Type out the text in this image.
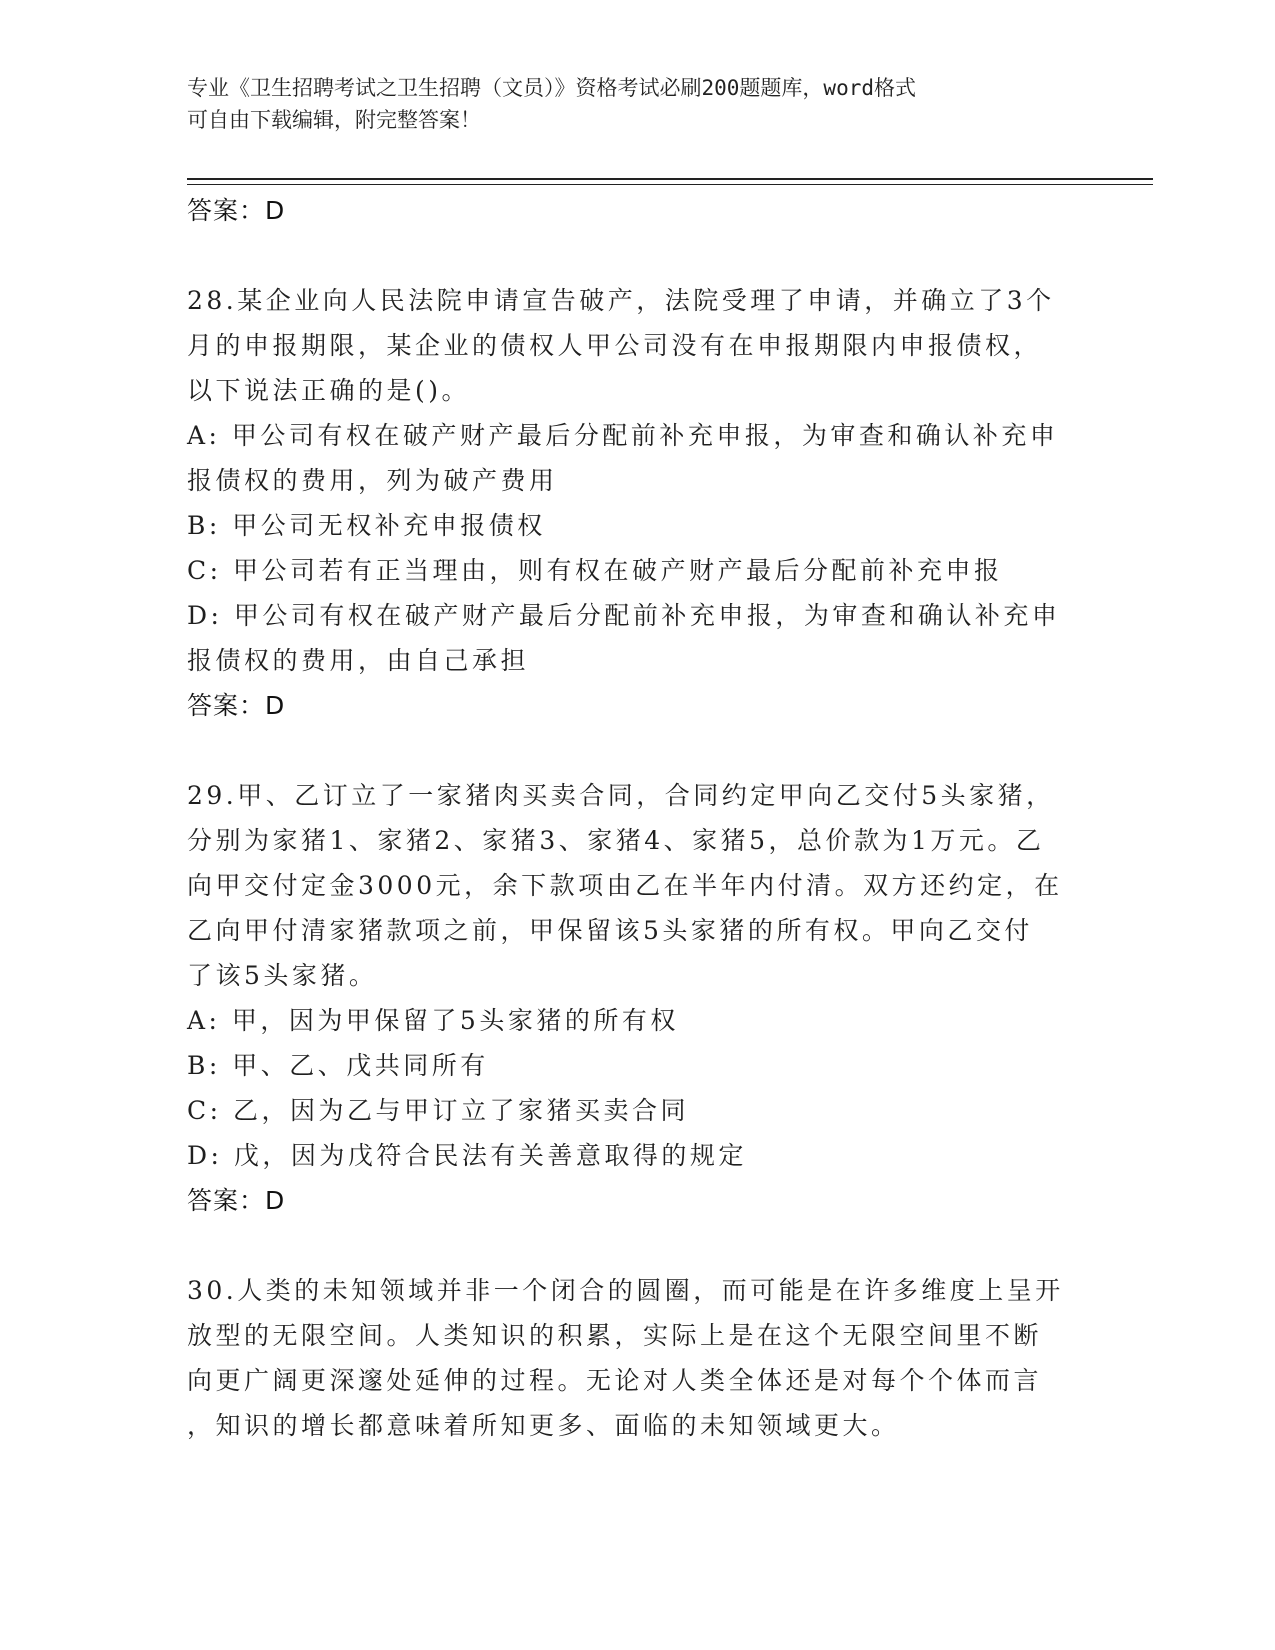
专业《卫生招聘考试之卫生招聘（文员）》资格考试必刷200题题库，word格式
可自由下载编辑，附完整答案！
答案：D
28.某企业向人民法院申请宣告破产，法院受理了申请，并确立了3个
月的申报期限，某企业的债权人甲公司没有在申报期限内申报债权，
以下说法正确的是()。
A: 甲公司有权在破产财产最后分配前补充申报，为审查和确认补充申
报债权的费用，列为破产费用
B: 甲公司无权补充申报债权
C: 甲公司若有正当理由，则有权在破产财产最后分配前补充申报
D: 甲公司有权在破产财产最后分配前补充申报，为审查和确认补充申
报债权的费用，由自己承担
答案：D
29.甲、乙订立了一家猪肉买卖合同，合同约定甲向乙交付5头家猪，
分别为家猪1、家猪2、家猪3、家猪4、家猪5，总价款为1万元。乙
向甲交付定金3000元，余下款项由乙在半年内付清。双方还约定，在
乙向甲付清家猪款项之前，甲保留该5头家猪的所有权。甲向乙交付
了该5头家猪。
A: 甲，因为甲保留了5头家猪的所有权
B: 甲、乙、戊共同所有
C: 乙，因为乙与甲订立了家猪买卖合同
D: 戊，因为戊符合民法有关善意取得的规定
答案：D
30.人类的未知领域并非一个闭合的圆圈，而可能是在许多维度上呈开
放型的无限空间。人类知识的积累，实际上是在这个无限空间里不断
向更广阔更深邃处延伸的过程。无论对人类全体还是对每个个体而言
，知识的增长都意味着所知更多、面临的未知领域更大。
